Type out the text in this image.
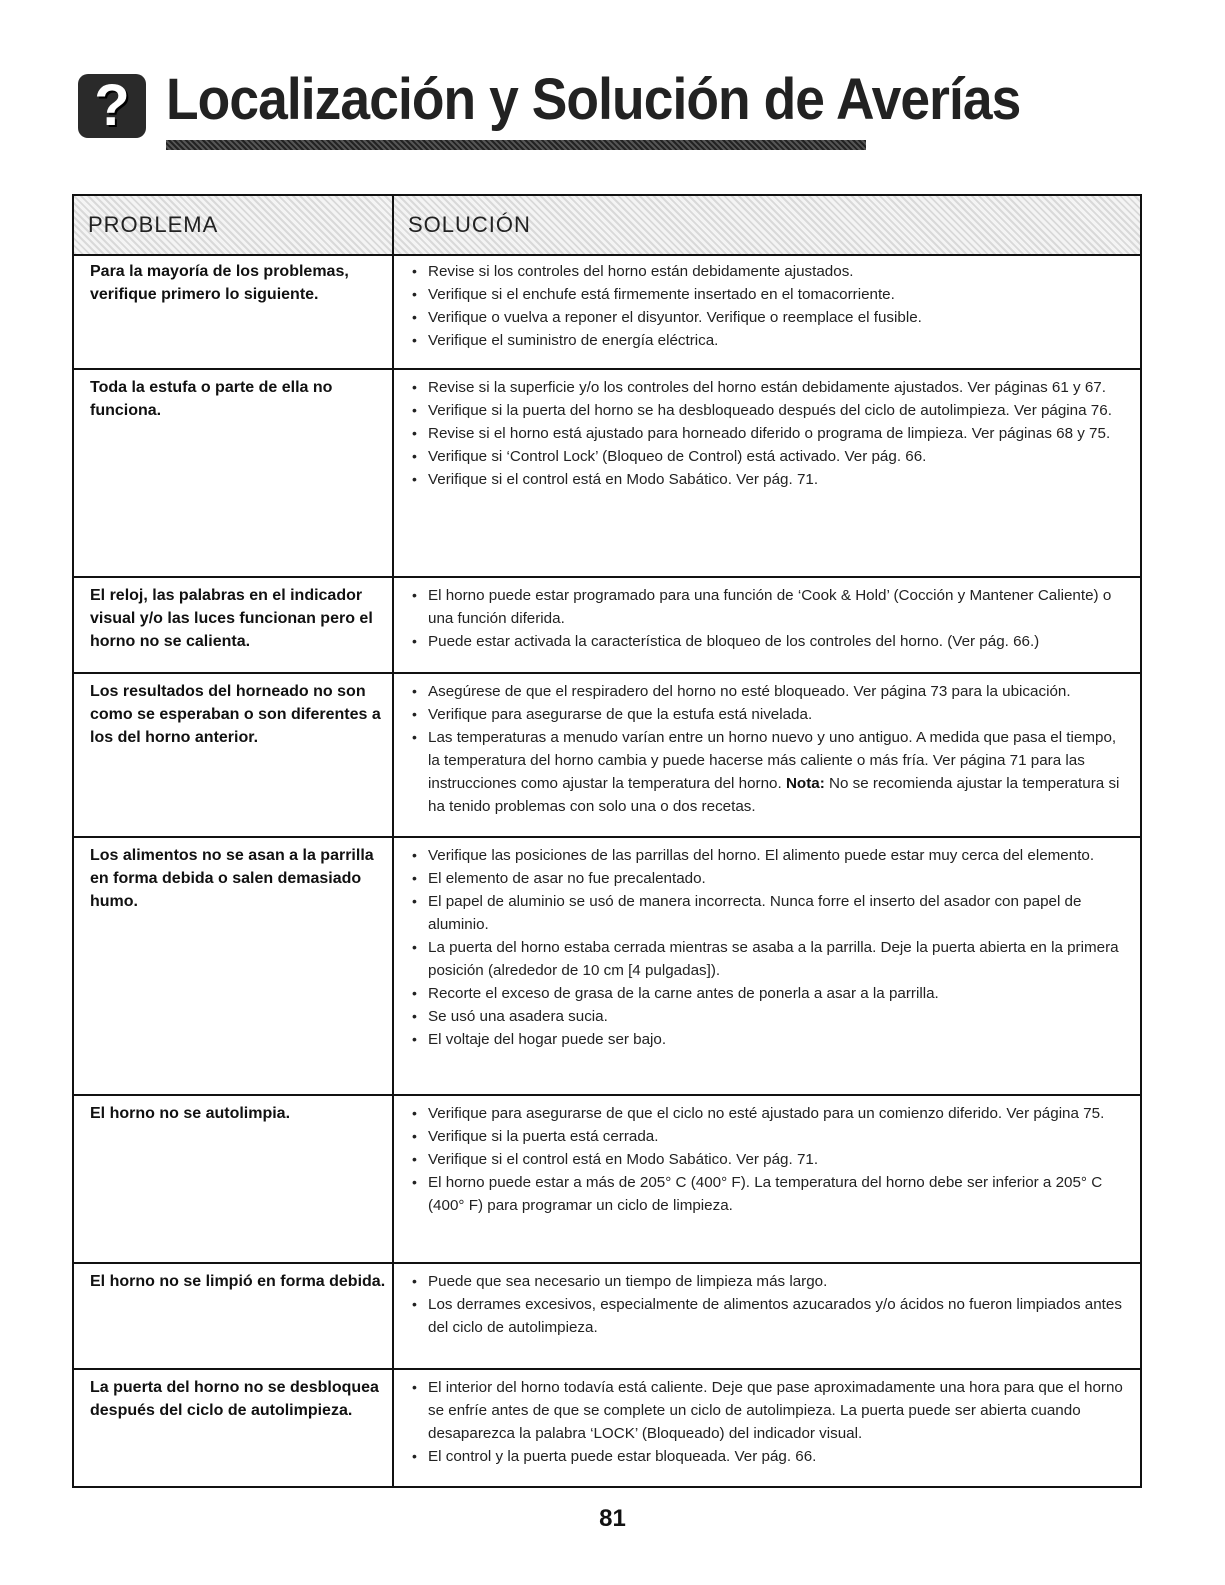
? Localización y Solución de Averías
PROBLEMA	SOLUCIÓN
Para la mayoría de los problemas, verifique primero lo siguiente.
• Revise si los controles del horno están debidamente ajustados.
• Verifique si el enchufe está firmemente insertado en el tomacorriente.
• Verifique o vuelva a reponer el disyuntor. Verifique o reemplace el fusible.
• Verifique el suministro de energía eléctrica.
Toda la estufa o parte de ella no funciona.
• Revise si la superficie y/o los controles del horno están debidamente ajustados. Ver páginas 61 y 67.
• Verifique si la puerta del horno se ha desbloqueado después del ciclo de autolimpieza. Ver página 76.
• Revise si el horno está ajustado para horneado diferido o programa de limpieza. Ver páginas 68 y 75.
• Verifique si ‘Control Lock’ (Bloqueo de Control) está activado. Ver pág. 66.
• Verifique si el control está en Modo Sabático. Ver pág. 71.
El reloj, las palabras en el indicador visual y/o las luces funcionan pero el horno no se calienta.
• El horno puede estar programado para una función de ‘Cook & Hold’ (Cocción y Mantener Caliente) o una función diferida.
• Puede estar activada la característica de bloqueo de los controles del horno. (Ver pág. 66.)
Los resultados del horneado no son como se esperaban o son diferentes a los del horno anterior.
• Asegúrese de que el respiradero del horno no esté bloqueado. Ver página 73 para la ubicación.
• Verifique para asegurarse de que la estufa está nivelada.
• Las temperaturas a menudo varían entre un horno nuevo y uno antiguo. A medida que pasa el tiempo, la temperatura del horno cambia y puede hacerse más caliente o más fría. Ver página 71 para las instrucciones como ajustar la temperatura del horno. Nota: No se recomienda ajustar la temperatura si ha tenido problemas con solo una o dos recetas.
Los alimentos no se asan a la parrilla en forma debida o salen demasiado humo.
• Verifique las posiciones de las parrillas del horno. El alimento puede estar muy cerca del elemento.
• El elemento de asar no fue precalentado.
• El papel de aluminio se usó de manera incorrecta. Nunca forre el inserto del asador con papel de aluminio.
• La puerta del horno estaba cerrada mientras se asaba a la parrilla. Deje la puerta abierta en la primera posición (alrededor de 10 cm [4 pulgadas]).
• Recorte el exceso de grasa de la carne antes de ponerla a asar a la parrilla.
• Se usó una asadera sucia.
• El voltaje del hogar puede ser bajo.
El horno no se autolimpia.	• Verifique para asegurarse de que el ciclo no esté ajustado para un comienzo diferido. Ver página 75.
• Verifique si la puerta está cerrada.
• Verifique si el control está en Modo Sabático. Ver pág. 71.
• El horno puede estar a más de 205° C (400° F). La temperatura del horno debe ser inferior a 205° C (400° F) para programar un ciclo de limpieza.
El horno no se limpió en forma debida. • Puede que sea necesario un tiempo de limpieza más largo.
• Los derrames excesivos, especialmente de alimentos azucarados y/o ácidos no fueron limpiados antes del ciclo de autolimpieza.
La puerta del horno no se desbloquea después del ciclo de autolimpieza.
• El interior del horno todavía está caliente. Deje que pase aproximadamente una hora para que el horno se enfríe antes de que se complete un ciclo de autolimpieza. La puerta puede ser abierta cuando desaparezca la palabra ‘LOCK’ (Bloqueado) del indicador visual.
• El control y la puerta puede estar bloqueada. Ver pág. 66.
81
